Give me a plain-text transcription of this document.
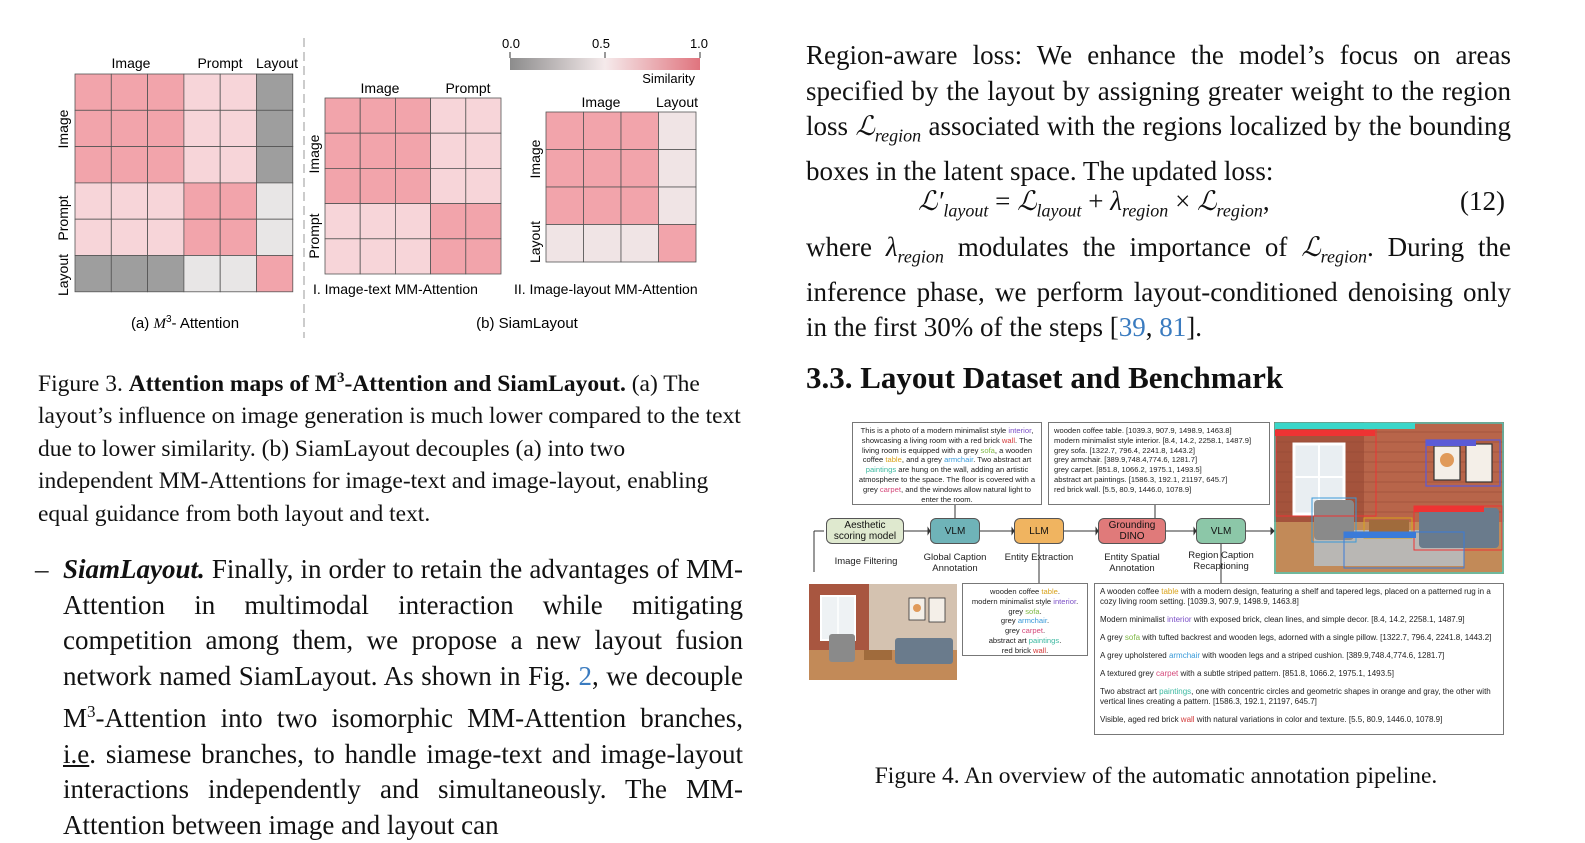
0.0	0.5	1.0
Similarity
Image	Prompt Layout
Image
Prompt
Layout
(a) $M^3-$ Attention
Image	Prompt
Image
Prompt
I. Image-text MM-Attention
Image	Layout
Image
Layout
II. Image-layout MM-Attention
(b) SiamLayout
Figure 3. Attention maps of $M^3$-Attention and SiamLayout. (a) The layout’s influence on image generation is much lower compared to the text due to lower similarity. (b) SiamLayout decouples (a) into two independent MM-Attentions for image-text and image-layout, enabling equal guidance from both layout and text.
– SiamLayout. Finally, in order to retain the advantages of MM-Attention in multimodal interaction while mitigating competition among them, we propose a new layout fusion network named SiamLayout. As shown in Fig. 2, we decouple $M^3$-Attention into two isomorphic MM-Attention branches, i.e. siamese branches, to handle image-text and image-layout interactions independently and simultaneously. The MM-Attention between image and layout can
Region-aware loss: We enhance the model’s focus on areas specified by the layout by assigning greater weight to the region loss ℒ$_{region}$ associated with the regions localized by the bounding boxes in the latent space. The updated loss:
$ℒ'_{layout}$ = ℒ$_{layout}$ + $\lambda_{region}$ × ℒ$_{region}$,	(12)
where $\lambda_{region}$ modulates the importance of ℒ$_{region}$. During the inference phase, we perform layout-conditioned denoising only in the first 30% of the steps [39, 81].
3.3. Layout Dataset and Benchmark
This is a photo of a modern minimalist style interior, showcasing a living room with a red brick wall. The living room is equipped with a grey sofa, a wooden coffee table, and a grey armchair. Two abstract art paintings are hung on the wall, adding an artistic atmosphere to the space. The floor is covered with a grey carpet, and the windows allow natural light to enter the room.
wooden coffee table. [1039.3, 907.9, 1498.9, 1463.8]
modern minimalist style interior. [8.4, 14.2, 2258.1, 1487.9]
grey sofa. [1322.7, 796.4, 2241.8, 1443.2]
grey armchair. [389.9,748.4,774.6, 1281.7]
grey carpet. [851.8, 1066.2, 1975.1, 1493.5]
abstract art paintings. [1586.3, 192.1, 21197, 645.7]
red brick wall. [5.5, 80.9, 1446.0, 1078.9]
Aesthetic scoring model	VLM	LLM	Grounding DINO	VLM
Image Filtering	Global Caption Annotation
Entity Extraction	Entity Spatial Annotation
Region Caption Recaptioning
wooden coffee table.
modern minimalist style interior.
grey sofa.
grey armchair.
grey carpet.
abstract art paintings.
red brick wall.
A wooden coffee table with a modern design, featuring a shelf and tapered legs, placed on a patterned rug in a cozy living room setting. [1039.3, 907.9, 1498.9, 1463.8]
Modern minimalist interior with exposed brick, clean lines, and simple decor. [8.4, 14.2, 2258.1, 1487.9]
A grey sofa with tufted backrest and wooden legs, adorned with a single pillow. [1322.7, 796.4, 2241.8, 1443.2]
A grey upholstered armchair with wooden legs and a striped cushion. [389.9,748.4,774.6, 1281.7]
A textured grey carpet with a subtle striped pattern. [851.8, 1066.2, 1975.1, 1493.5]
Two abstract art paintings, one with concentric circles and geometric shapes in orange and gray, the other with vertical lines creating a pattern. [1586.3, 192.1, 21197, 645.7]
Visible, aged red brick wall with natural variations in color and texture. [5.5, 80.9, 1446.0, 1078.9]
Figure 4. An overview of the automatic annotation pipeline.
